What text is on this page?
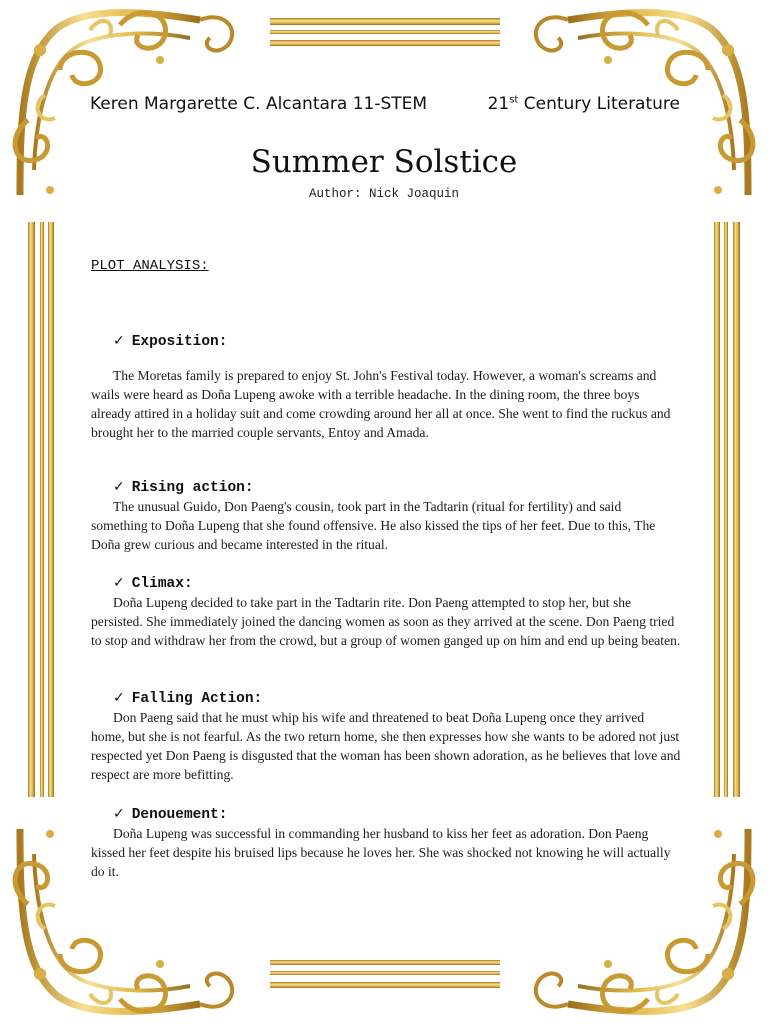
Keren Margarette C. Alcantara 11-STEM	21st Century Literature
Summer Solstice
Author: Nick Joaquin
PLOT ANALYSIS:
✓ Exposition:

The Moretas family is prepared to enjoy St. John's Festival today. However, a woman's screams and wails were heard as Doña Lupeng awoke with a terrible headache. In the dining room, the three boys already attired in a holiday suit and come crowding around her all at once. She went to find the ruckus and brought her to the married couple servants, Entoy and Amada.

✓ Rising action:

The unusual Guido, Don Paeng's cousin, took part in the Tadtarin (ritual for fertility) and said something to Doña Lupeng that she found offensive. He also kissed the tips of her feet. Due to this, The Doña grew curious and became interested in the ritual.

✓ Climax:

Doña Lupeng decided to take part in the Tadtarin rite. Don Paeng attempted to stop her, but she persisted. She immediately joined the dancing women as soon as they arrived at the scene. Don Paeng tried to stop and withdraw her from the crowd, but a group of women ganged up on him and end up being beaten.

✓ Falling Action:

Don Paeng said that he must whip his wife and threatened to beat Doña Lupeng once they arrived home, but she is not fearful. As the two return home, she then expresses how she wants to be adored not just respected yet Don Paeng is disgusted that the woman has been shown adoration, as he believes that love and respect are more befitting.

✓ Denouement:

Doña Lupeng was successful in commanding her husband to kiss her feet as adoration. Don Paeng kissed her feet despite his bruised lips because he loves her. She was shocked not knowing he will actually do it.
